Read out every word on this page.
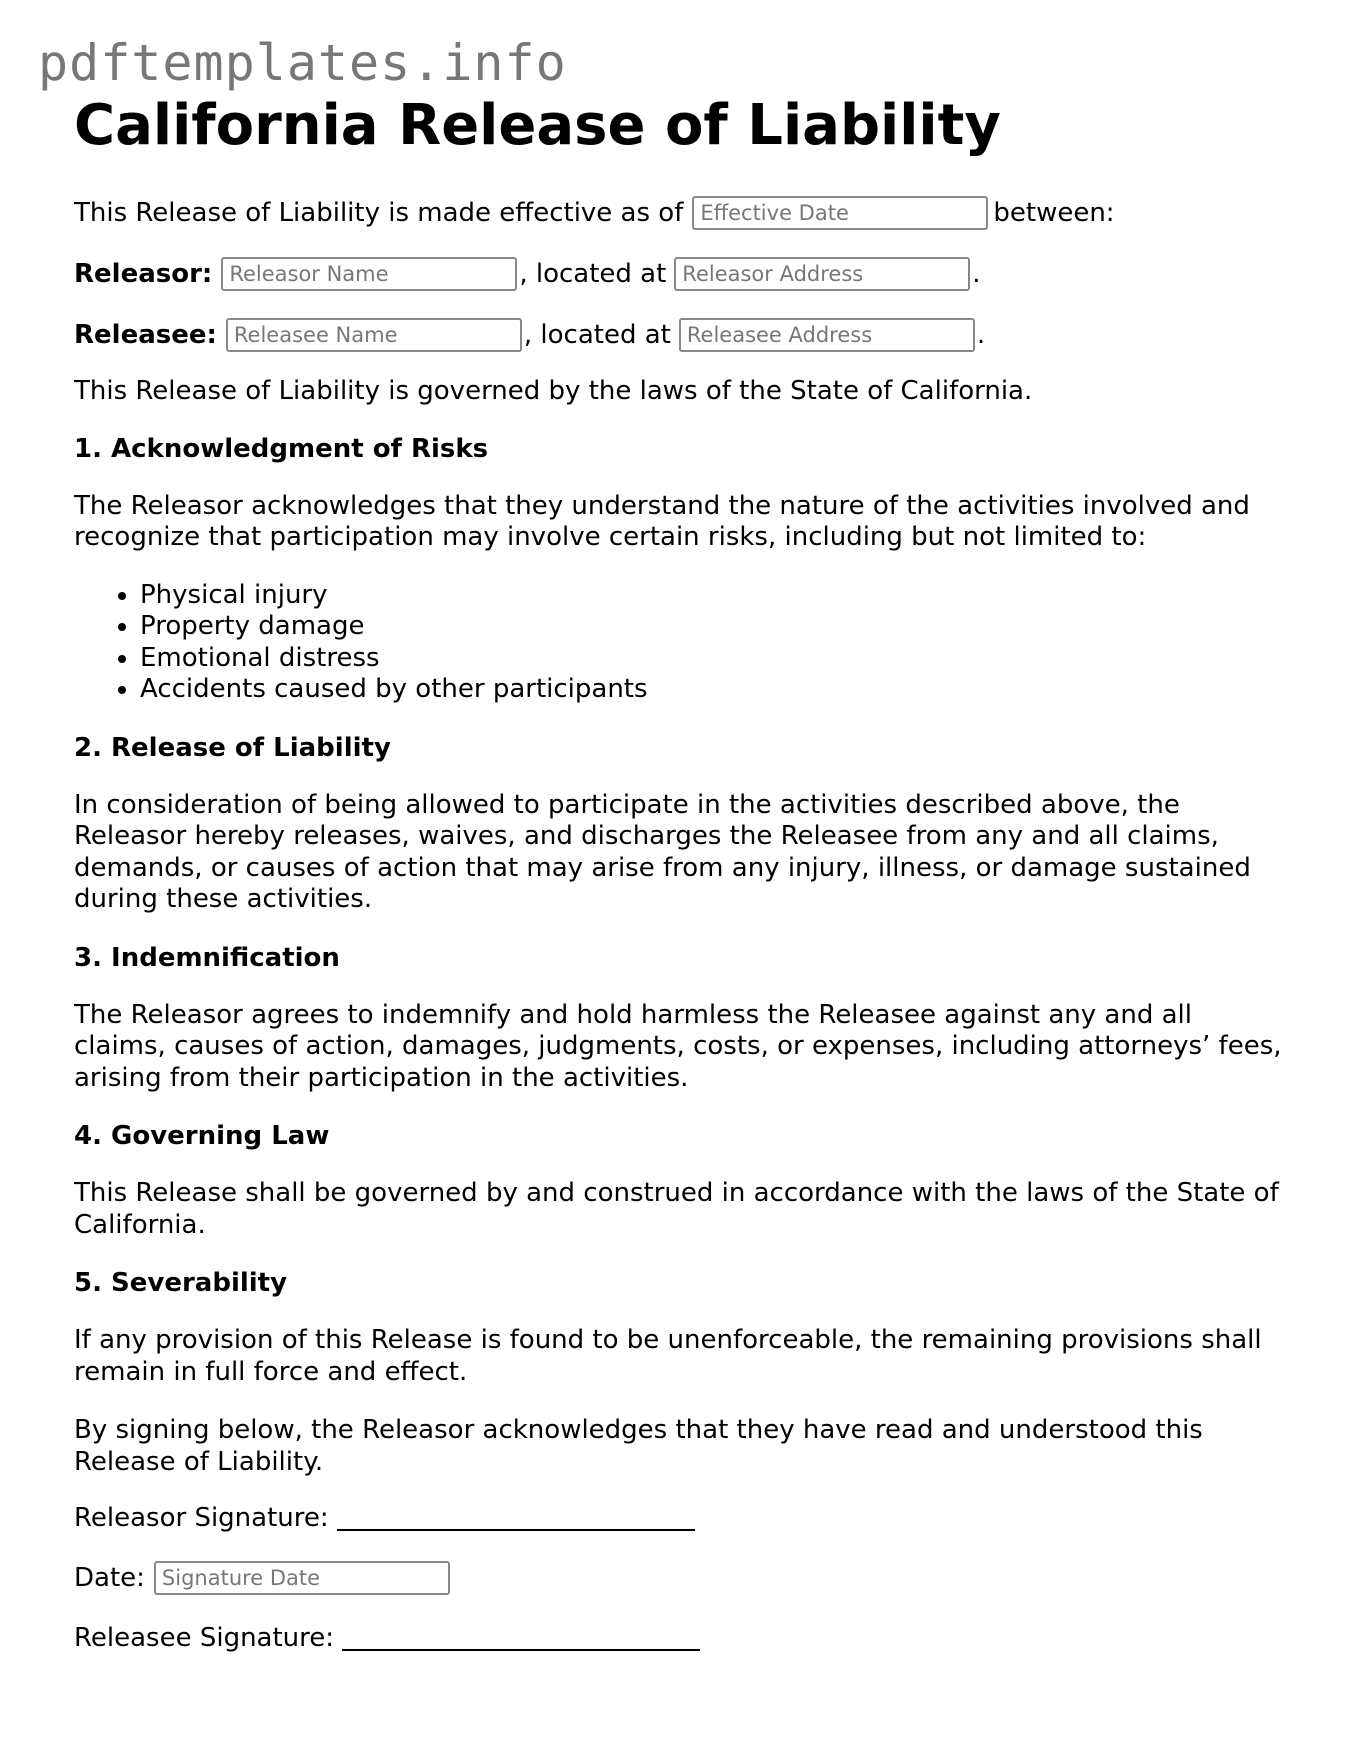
pdftemplates.info
California Release of Liability
This Release of Liability is made effective as of
Effective Date	between:
Releasor:
Releasor Name	, located at
Releasor Address	.
Releasee:
Releasee Name	, located at
Releasee Address	.

This Release of Liability is governed by the laws of the State of California.

1. Acknowledgment of Risks

The Releasor acknowledges that they understand the nature of the activities involved and recognize that participation may involve certain risks, including but not limited to:

• Physical injury
• Property damage
• Emotional distress
• Accidents caused by other participants
2. Release of Liability

In consideration of being allowed to participate in the activities described above, the Releasor hereby releases, waives, and discharges the Releasee from any and all claims, demands, or causes of action that may arise from any injury, illness, or damage sustained during these activities.

3. Indemnification

The Releasor agrees to indemnify and hold harmless the Releasee against any and all claims, causes of action, damages, judgments, costs, or expenses, including attorneys’ fees, arising from their participation in the activities.

4. Governing Law

This Release shall be governed by and construed in accordance with the laws of the State of California.

5. Severability

If any provision of this Release is found to be unenforceable, the remaining provisions shall remain in full force and effect.

By signing below, the Releasor acknowledges that they have read and understood this Release of Liability.

Releasor Signature:
Date:
Signature Date
Releasee Signature:
